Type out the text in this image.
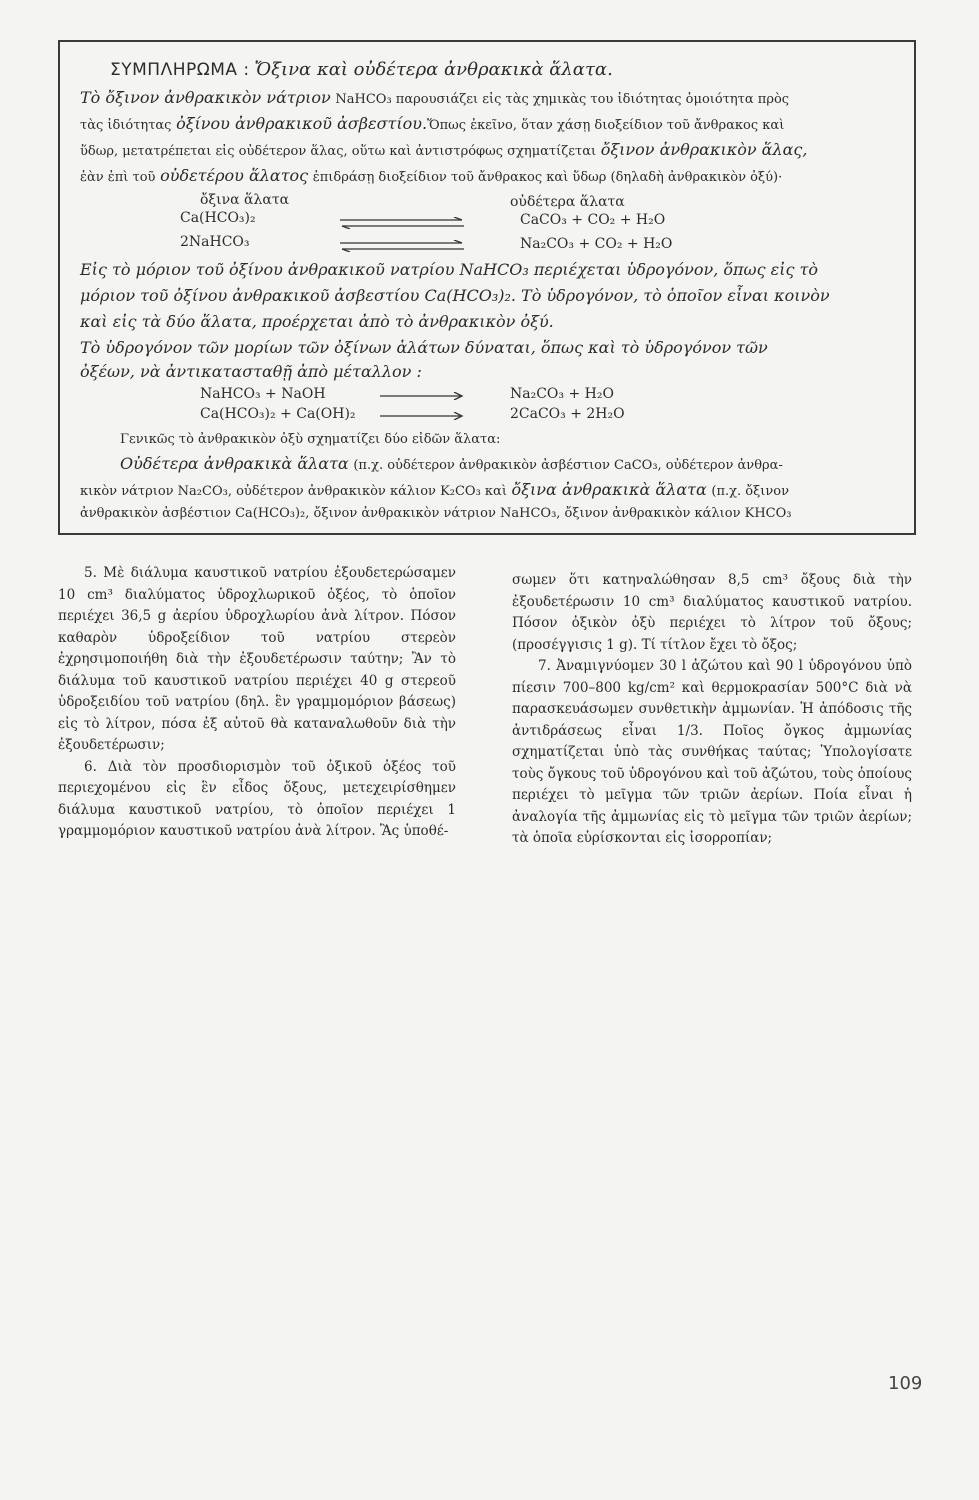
ΣΥΜΠΛΗΡΩΜΑ : Ὄξινα καὶ οὐδέτερα ἀνθρακικὰ ἅλατα.
Τὸ ὄξινον ἀνθρακικὸν νάτριον NaHCO₃ παρουσιάζει εἰς τὰς χημικὰς του ἰδιότητας ὁμοιότητα πρὸς
τὰς ἰδιότητας ὀξίνου ἀνθρακικοῦ ἀσβεστίου.Ὅπως ἐκεῖνο, ὅταν χάσῃ διοξείδιον τοῦ ἄνθρακος καὶ
ὕδωρ, μετατρέπεται εἰς οὐδέτερον ἅλας, οὕτω καὶ ἀντιστρόφως σχηματίζεται ὄξινον ἀνθρακικὸν ἅλας,
ἐὰν ἐπὶ τοῦ οὐδετέρου ἅλατος ἐπιδράσῃ διοξείδιον τοῦ ἄνθρακος καὶ ὕδωρ (δηλαδὴ ἀνθρακικὸν ὀξύ)·
ὄξινα ἅλατα	οὐδέτερα ἅλατα
Ca(HCO₃)₂	CaCO₃ + CO₂ + H₂O
2NaHCO₃	Na₂CO₃ + CO₂ + H₂O
Εἰς τὸ μόριον τοῦ ὀξίνου ἀνθρακικοῦ νατρίου NaHCO₃ περιέχεται ὑδρογόνον, ὅπως εἰς τὸ
μόριον τοῦ ὀξίνου ἀνθρακικοῦ ἀσβεστίου Ca(HCO₃)₂. Τὸ ὑδρογόνον, τὸ ὁποῖον εἶναι κοινὸν
καὶ εἰς τὰ δύο ἅλατα, προέρχεται ἀπὸ τὸ ἀνθρακικὸν ὀξύ.
Τὸ ὑδρογόνον τῶν μορίων τῶν ὀξίνων ἁλάτων δύναται, ὅπως καὶ τὸ ὑδρογόνον τῶν
ὀξέων, νὰ ἀντικατασταθῇ ἀπὸ μέταλλον :
NaHCO₃ + NaOH	Na₂CO₃ + H₂O
Ca(HCO₃)₂ + Ca(OH)₂	2CaCO₃ + 2H₂O
Γενικῶς τὸ ἀνθρακικὸν ὀξὺ σχηματίζει δύο εἰδῶν ἅλατα:
Οὐδέτερα ἀνθρακικὰ ἅλατα (π.χ. οὐδέτερον ἀνθρακικὸν ἀσβέστιον CaCO₃, οὐδέτερον ἀνθρα-
κικὸν νάτριον Na₂CO₃, οὐδέτερον ἀνθρακικὸν κάλιον K₂CO₃ καὶ ὄξινα ἀνθρακικὰ ἅλατα (π.χ. ὄξινον
ἀνθρακικὸν ἀσβέστιον Ca(HCO₃)₂, ὄξινον ἀνθρακικὸν νάτριον NaHCO₃, ὄξινον ἀνθρακικὸν κάλιον KHCO₃

5. Μὲ διάλυμα καυστικοῦ νατρίου ἐξουδετερώσαμεν 10 cm³ διαλύματος ὑδροχλωρικοῦ ὀξέος, τὸ ὁποῖον περιέχει 36,5 g ἀερίου ὑδροχλωρίου ἀνὰ λίτρον. Πόσον καθαρὸν ὑδροξείδιον τοῦ νατρίου στερεὸν ἐχρησιμοποιήθη διὰ τὴν ἐξουδετέρωσιν ταύτην; Ἂν τὸ διάλυμα τοῦ καυστικοῦ νατρίου περιέχει 40 g στερεοῦ ὑδροξειδίου τοῦ νατρίου (δηλ. ἓν γραμμομόριον βάσεως) εἰς τὸ λίτρον, πόσα ἐξ αὐτοῦ θὰ καταναλωθοῦν διὰ τὴν ἐξουδετέρωσιν;

6. Διὰ τὸν προσδιορισμὸν τοῦ ὀξικοῦ ὀξέος τοῦ περιεχομένου εἰς ἓν εἶδος ὄξους, μετεχειρίσθημεν διάλυμα καυστικοῦ νατρίου, τὸ ὁποῖον περιέχει 1 γραμμομόριον καυστικοῦ νατρίου ἀνὰ λίτρον. Ἂς ὑποθέ-

σωμεν ὅτι κατηναλώθησαν 8,5 cm³ ὄξους διὰ τὴν ἐξουδετέρωσιν 10 cm³ διαλύματος καυστικοῦ νατρίου. Πόσον ὀξικὸν ὀξὺ περιέχει τὸ λίτρον τοῦ ὄξους; (προσέγγισις 1 g). Τί τίτλον ἔχει τὸ ὄξος;

7. Ἀναμιγνύομεν 30 l ἀζώτου καὶ 90 l ὑδρογόνου ὑπὸ πίεσιν 700–800 kg/cm² καὶ θερμοκρασίαν 500°C διὰ νὰ παρασκευάσωμεν συνθετικὴν ἀμμωνίαν. Ἡ ἀπόδοσις τῆς ἀντιδράσεως εἶναι 1/3. Ποῖος ὄγκος ἀμμωνίας σχηματίζεται ὑπὸ τὰς συνθήκας ταύτας; Ὑπολογίσατε τοὺς ὄγκους τοῦ ὑδρογόνου καὶ τοῦ ἀζώτου, τοὺς ὁποίους περιέχει τὸ μεῖγμα τῶν τριῶν ἀερίων. Ποία εἶναι ἡ ἀναλογία τῆς ἀμμωνίας εἰς τὸ μεῖγμα τῶν τριῶν ἀερίων; τὰ ὁποῖα εὑρίσκονται εἰς ἰσορροπίαν;

109
